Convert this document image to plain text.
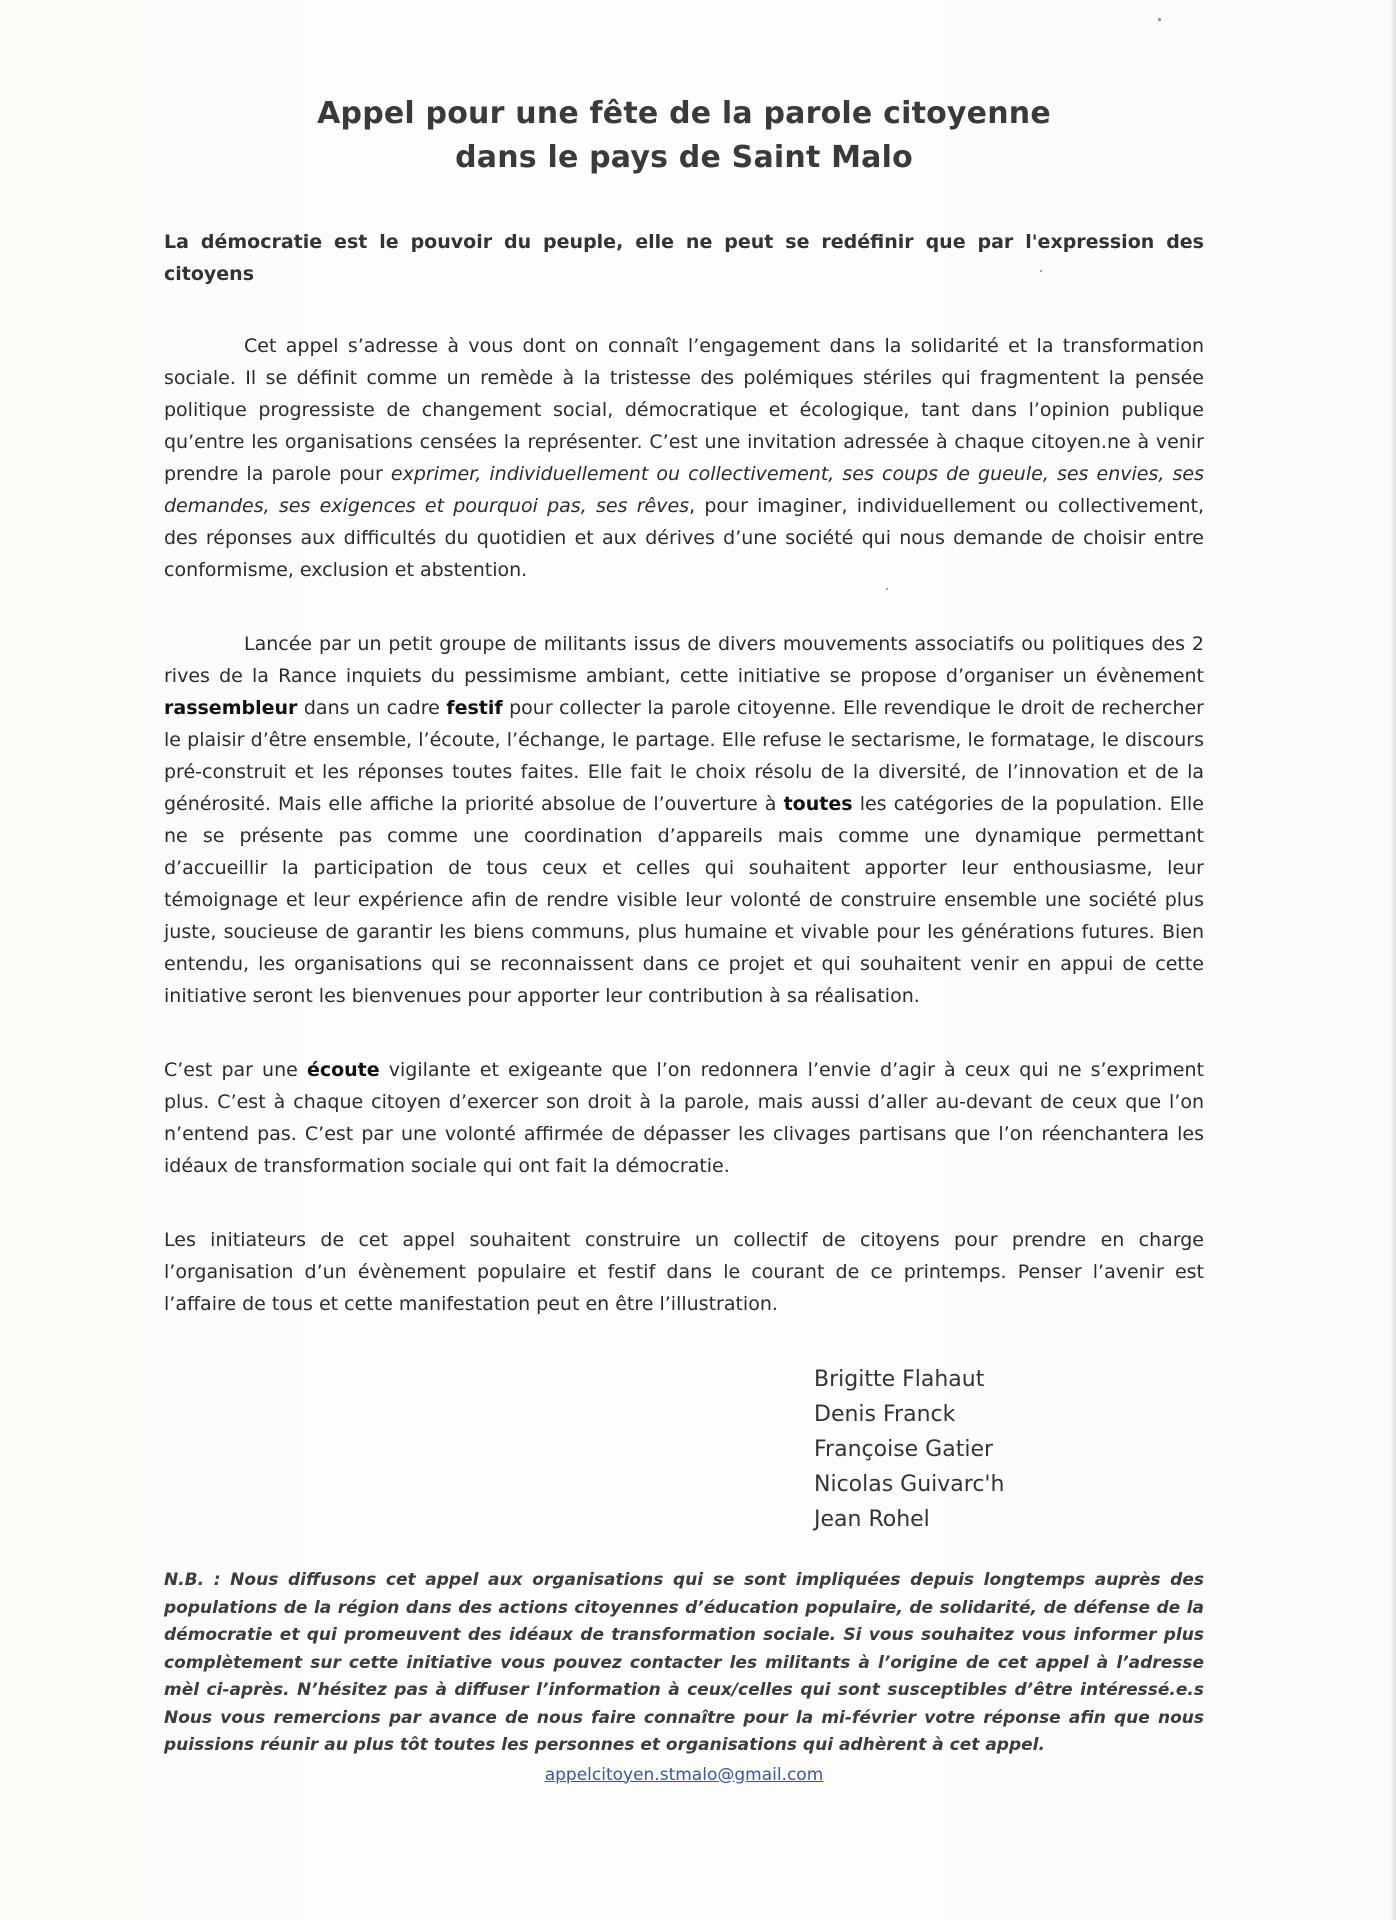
Appel pour une fête de la parole citoyenne
dans le pays de Saint Malo

La démocratie est le pouvoir du peuple, elle ne peut se redéfinir que par l'expression des citoyens

Cet appel s’adresse à vous dont on connaît l’engagement dans la solidarité et la transformation sociale. Il se définit comme un remède à la tristesse des polémiques stériles qui fragmentent la pensée politique progressiste de changement social, démocratique et écologique, tant dans l’opinion publique qu’entre les organisations censées la représenter. C’est une invitation adressée à chaque citoyen.ne à venir prendre la parole pour exprimer, individuellement ou collectivement, ses coups de gueule, ses envies, ses demandes, ses exigences et pourquoi pas, ses rêves, pour imaginer, individuellement ou collectivement, des réponses aux difficultés du quotidien et aux dérives d’une société qui nous demande de choisir entre conformisme, exclusion et abstention.

Lancée par un petit groupe de militants issus de divers mouvements associatifs ou politiques des 2 rives de la Rance inquiets du pessimisme ambiant, cette initiative se propose d’organiser un évènement rassembleur dans un cadre festif pour collecter la parole citoyenne. Elle revendique le droit de rechercher le plaisir d’être ensemble, l’écoute, l’échange, le partage. Elle refuse le sectarisme, le formatage, le discours pré-construit et les réponses toutes faites. Elle fait le choix résolu de la diversité, de l’innovation et de la générosité. Mais elle affiche la priorité absolue de l’ouverture à toutes les catégories de la population. Elle ne se présente pas comme une coordination d’appareils mais comme une dynamique permettant d’accueillir la participation de tous ceux et celles qui souhaitent apporter leur enthousiasme, leur témoignage et leur expérience afin de rendre visible leur volonté de construire ensemble une société plus juste, soucieuse de garantir les biens communs, plus humaine et vivable pour les générations futures. Bien entendu, les organisations qui se reconnaissent dans ce projet et qui souhaitent venir en appui de cette initiative seront les bienvenues pour apporter leur contribution à sa réalisation.

C’est par une écoute vigilante et exigeante que l’on redonnera l’envie d’agir à ceux qui ne s’expriment plus. C’est à chaque citoyen d’exercer son droit à la parole, mais aussi d’aller au-devant de ceux que l’on n’entend pas. C’est par une volonté affirmée de dépasser les clivages partisans que l’on réenchantera les idéaux de transformation sociale qui ont fait la démocratie.

Les initiateurs de cet appel souhaitent construire un collectif de citoyens pour prendre en charge l’organisation d’un évènement populaire et festif dans le courant de ce printemps. Penser l’avenir est l’affaire de tous et cette manifestation peut en être l’illustration.

Brigitte Flahaut
Denis Franck
Françoise Gatier
Nicolas Guivarc'h
Jean Rohel

N.B. : Nous diffusons cet appel aux organisations qui se sont impliquées depuis longtemps auprès des populations de la région dans des actions citoyennes d’éducation populaire, de solidarité, de défense de la démocratie et qui promeuvent des idéaux de transformation sociale. Si vous souhaitez vous informer plus complètement sur cette initiative vous pouvez contacter les militants à l’origine de cet appel à l’adresse mèl ci-après. N’hésitez pas à diffuser l’information à ceux/celles qui sont susceptibles d’être intéressé.e.s Nous vous remercions par avance de nous faire connaître pour la mi-février votre réponse afin que nous puissions réunir au plus tôt toutes les personnes et organisations qui adhèrent à cet appel.

appelcitoyen.stmalo@gmail.com
